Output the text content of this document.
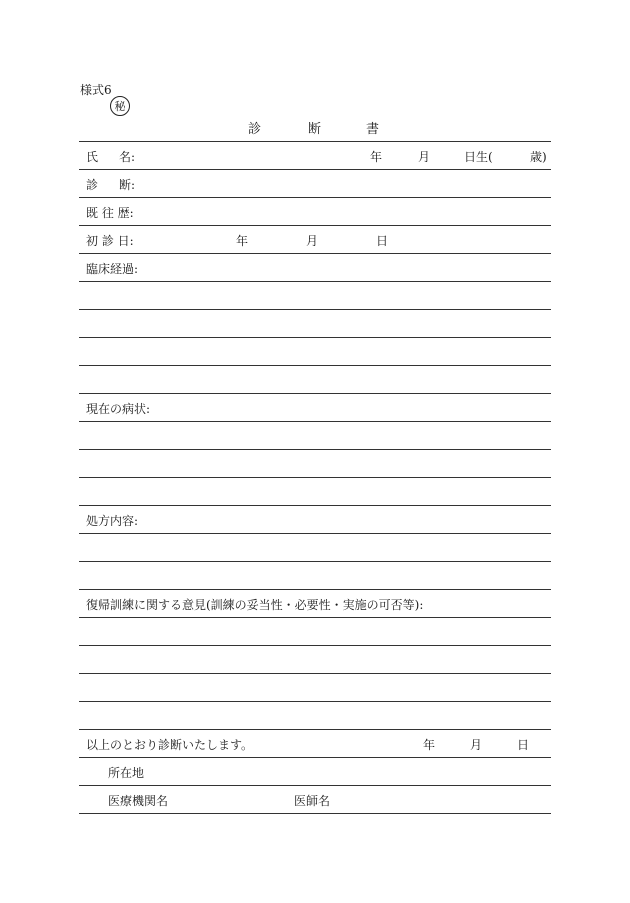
様式6
秘
診	断	書
氏 名:	年	月	日生(	歳)
診 断:
既 往 歴:
初 診 日:	年	月	日
臨床経過:
現在の病状:
処方内容:
復帰訓練に関する意見(訓練の妥当性・必要性・実施の可否等):
以上のとおり診断いたします。	年	月	日
所在地
医療機関名	医師名
